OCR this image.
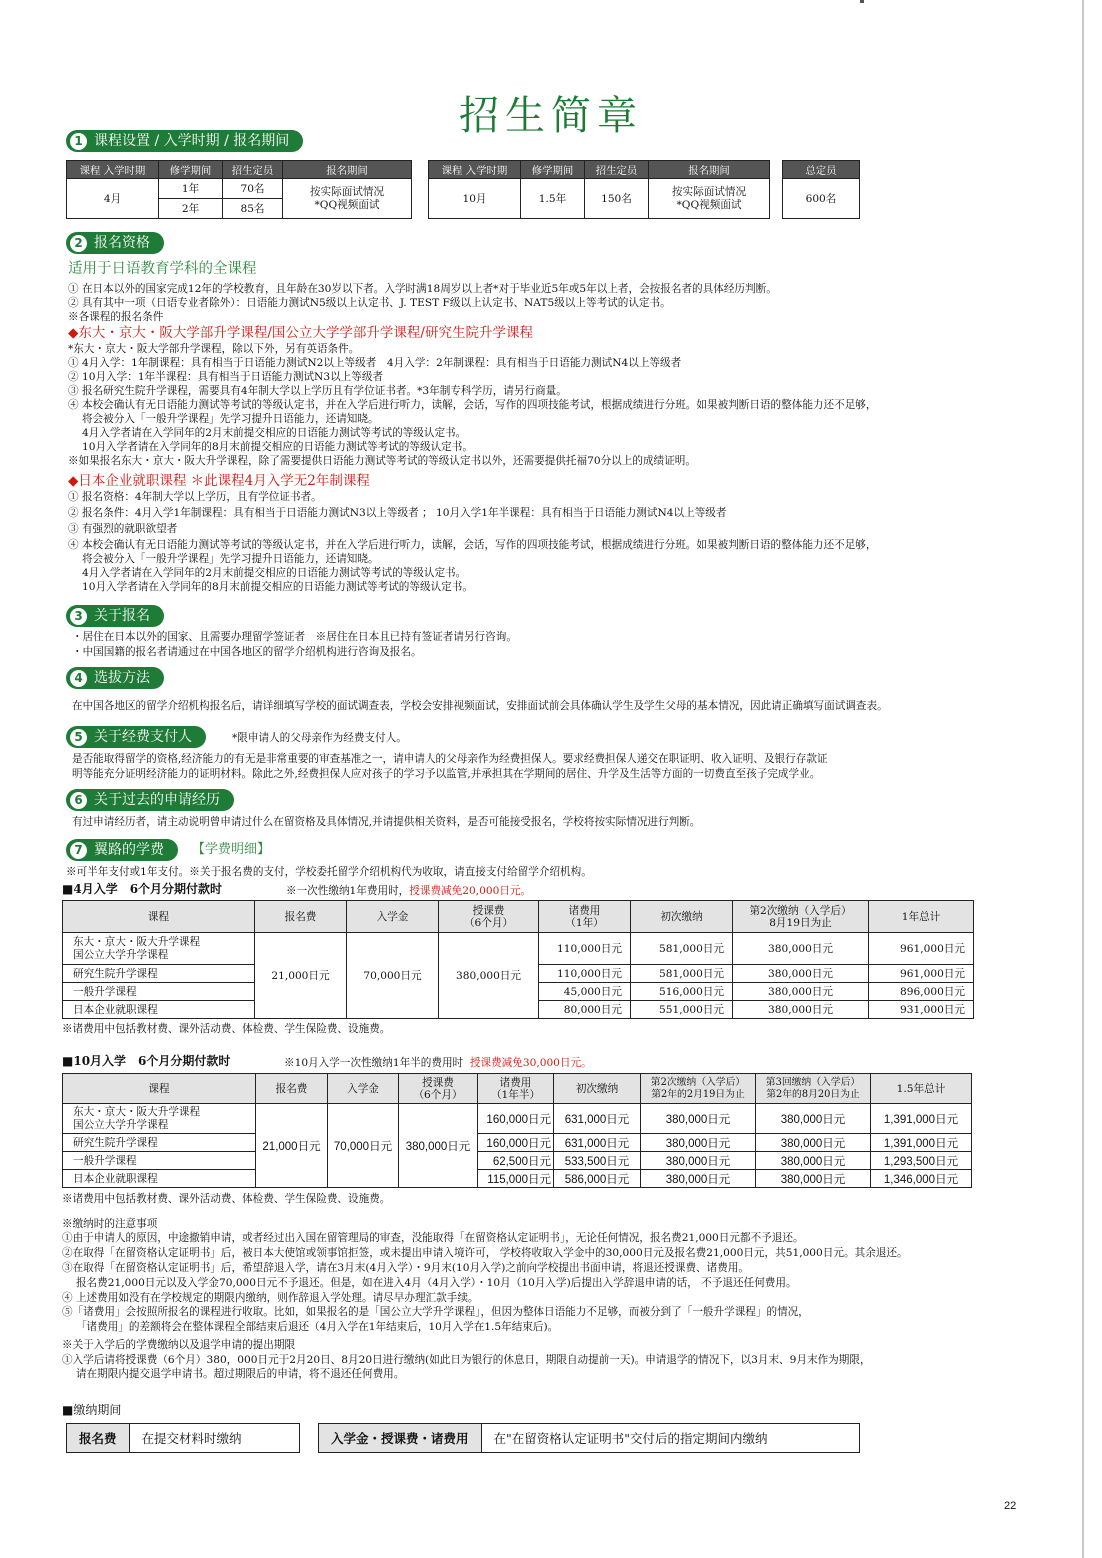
招生简章
1 课程设置 / 入学时期 / 报名期间
课程 入学时期	修学期间	招生定员	报名期间
4月	1年	70名	按实际面试情况
*QQ视频面试
	2年	85名	
课程 入学时期	修学期间	招生定员	报名期间
10月	1.5年	150名	按实际面试情况
*QQ视频面试
总定员
600名
2 报名资格
适用于日语教育学科的全课程
① 在日本以外的国家完成12年的学校教育，且年龄在30岁以下者。入学时满18周岁以上者*对于毕业近5年或5年以上者，会按报名者的具体经历判断。
② 具有其中一项（日语专业者除外）：日语能力测试N5级以上认定书、J. TEST F级以上认定书、NAT5级以上等考试的认定书。
※各课程的报名条件
◆东大・京大・阪大学部升学课程/国公立大学学部升学课程/研究生院升学课程
*东大・京大・阪大学部升学课程，除以下外，另有英语条件。
① 4月入学：1年制课程：具有相当于日语能力测试N2以上等级者　4月入学：2年制课程：具有相当于日语能力测试N4以上等级者
② 10月入学：1年半课程：具有相当于日语能力测试N3以上等级者
③ 报名研究生院升学课程，需要具有4年制大学以上学历且有学位证书者。*3年制专科学历，请另行商量。
④ 本校会确认有无日语能力测试等考试的等级认定书，并在入学后进行听力，读解，会话，写作的四项技能考试，根据成绩进行分班。如果被判断日语的整体能力还不足够，
　 将会被分入「一般升学课程」先学习提升日语能力，还请知晓。
　 4月入学者请在入学同年的2月末前提交相应的日语能力测试等考试的等级认定书。
　 10月入学者请在入学同年的8月末前提交相应的日语能力测试等考试的等级认定书。
※如果报名东大・京大・阪大升学课程，除了需要提供日语能力测试等考试的等级认定书以外，还需要提供托福70分以上的成绩证明。
◆日本企业就职课程 ＊此课程4月入学无2年制课程
① 报名资格：4年制大学以上学历，且有学位证书者。
② 报名条件：4月入学1年制课程：具有相当于日语能力测试N3以上等级者 ； 10月入学1年半课程：具有相当于日语能力测试N4以上等级者
③ 有强烈的就职欲望者
④ 本校会确认有无日语能力测试等考试的等级认定书，并在入学后进行听力，读解，会话，写作的四项技能考试，根据成绩进行分班。如果被判断日语的整体能力还不足够，
　 将会被分入「一般升学课程」先学习提升日语能力，还请知晓。
　 4月入学者请在入学同年的2月末前提交相应的日语能力测试等考试的等级认定书。
　 10月入学者请在入学同年的8月末前提交相应的日语能力测试等考试的等级认定书。
3 关于报名
・居住在日本以外的国家、且需要办理留学签证者　※居住在日本且已持有签证者请另行咨询。
・中国国籍的报名者请通过在中国各地区的留学介绍机构进行咨询及报名。
4 选拔方法
在中国各地区的留学介绍机构报名后，请详细填写学校的面试调查表，学校会安排视频面试，安排面试前会具体确认学生及学生父母的基本情况，因此请正确填写面试调查表。
5 关于经费支付人	*限申请人的父母亲作为经费支付人。
是否能取得留学的资格,经济能力的有无是非常重要的审查基准之一，请申请人的父母亲作为经费担保人。要求经费担保人递交在职证明、收入证明、及银行存款证
明等能充分证明经济能力的证明材料。除此之外,经费担保人应对孩子的学习予以监管,并承担其在学期间的居住、升学及生活等方面的一切费直至孩子完成学业。
6 关于过去的申请经历
有过申请经历者，请主动说明曾申请过什么在留资格及具体情况,并请提供相关资料，是否可能接受报名，学校将按实际情况进行判断。
7 翼路的学费 【学费明细】
※可半年支付或1年支付。※关于报名费的支付，学校委托留学介绍机构代为收取，请直接支付给留学介绍机构。
■4月入学　6个月分期付款时	※一次性缴纳1年费用时，授课费减免20,000日元。
课程	报名费	入学金	授课费
（6个月）	诸费用
（1年）	初次缴纳	第2次缴纳（入学后）
8月19日为止	1年总计
东大・京大・阪大升学课程
国公立大学升学课程	21,000日元	70,000日元	380,000日元	110,000日元	581,000日元	380,000日元	961,000日元
研究生院升学课程				110,000日元	581,000日元	380,000日元	961,000日元
一般升学课程				45,000日元	516,000日元	380,000日元	896,000日元
日本企业就职课程				80,000日元	551,000日元	380,000日元	931,000日元
※诸费用中包括教材费、课外活动费、体检费、学生保险费、设施费。
■10月入学　6个月分期付款时	※10月入学一次性缴纳1年半的费用时 授课费减免30,000日元。
课程	报名费	入学金	授课费
（6个月）	诸费用
（1年半）	初次缴纳	第2次缴纳（入学后）
第2年的2月19日为止	第3回缴纳（入学后）
第2年的8月20日为止	1.5年总计
东大・京大・阪大升学课程
国公立大学升学课程	21,000日元	70,000日元	380,000日元	160,000日元	631,000日元	380,000日元	380,000日元	1,391,000日元
研究生院升学课程				160,000日元	631,000日元	380,000日元	380,000日元	1,391,000日元
一般升学课程				62,500日元	533,500日元	380,000日元	380,000日元	1,293,500日元
日本企业就职课程				115,000日元	586,000日元	380,000日元	380,000日元	1,346,000日元
※诸费用中包括教材费、课外活动费、体检费、学生保险费、设施费。
※缴纳时的注意事项
①由于申请人的原因，中途撤销申请，或者经过出入国在留管理局的审查，没能取得「在留资格认定证明书」，无论任何情况，报名费21,000日元都不予退还。
②在取得「在留资格认定证明书」后，被日本大使馆或领事馆拒签，或未提出申请入境许可， 学校将收取入学金中的30,000日元及报名费21,000日元，共51,000日元。其余退还。
③在取得「在留资格认定证明书」后，希望辞退入学，请在3月末(4月入学）・9月末(10月入学)之前向学校提出书面申请，将退还授课费、诸费用。
　 报名费21,000日元以及入学金70,000日元不予退还。但是，如在进入4月（4月入学）・10月（10月入学)后提出入学辞退申请的话， 不予退还任何费用。
④ 上述费用如没有在学校规定的期限内缴纳，则作辞退入学处理。请尽早办理汇款手续。
⑤「诸费用」会按照所报名的课程进行收取。比如，如果报名的是「国公立大学升学课程」，但因为整体日语能力不足够，而被分到了「一般升学课程」的情况，
　 「诸费用」的差额将会在整体课程全部结束后退还（4月入学在1年结束后，10月入学在1.5年结束后)。
※关于入学后的学费缴纳以及退学申请的提出期限
①入学后请将授课费（6个月）380，000日元于2月20日、8月20日进行缴纳(如此日为银行的休息日，期限自动提前一天)。申请退学的情况下，以3月末、9月末作为期限，
　 请在期限内提交退学申请书。超过期限后的申请，将不退还任何费用。
■缴纳期间
报名费	在提交材料时缴纳	入学金・授课费・诸费用	在"在留资格认定证明书"交付后的指定期间内缴纳
22
